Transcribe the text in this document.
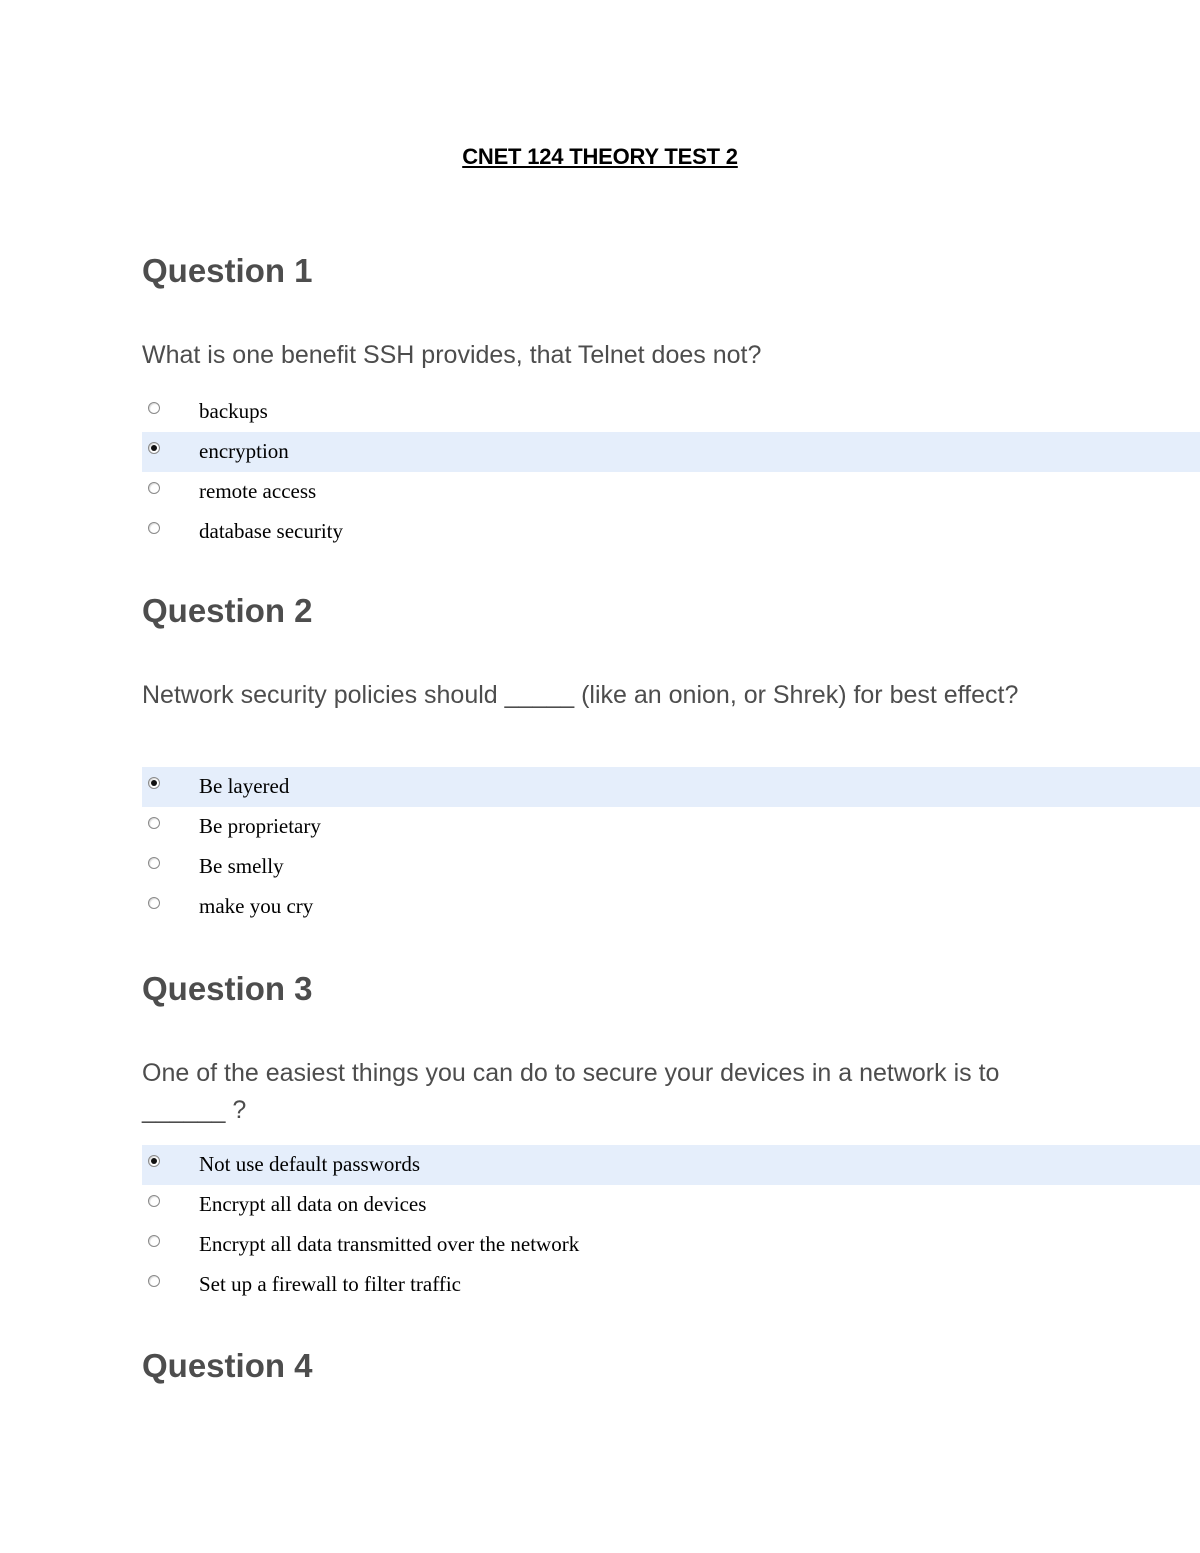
CNET 124 THEORY TEST 2
Question 1

What is one benefit SSH provides, that Telnet does not?

backups
encryption
remote access
database security
Question 2

Network security policies should _____ (like an onion, or Shrek) for best effect?

Be layered
Be proprietary
Be smelly
make you cry
Question 3

One of the easiest things you can do to secure your devices in a network is to ______ ?

Not use default passwords
Encrypt all data on devices
Encrypt all data transmitted over the network
Set up a firewall to filter traffic
Question 4
